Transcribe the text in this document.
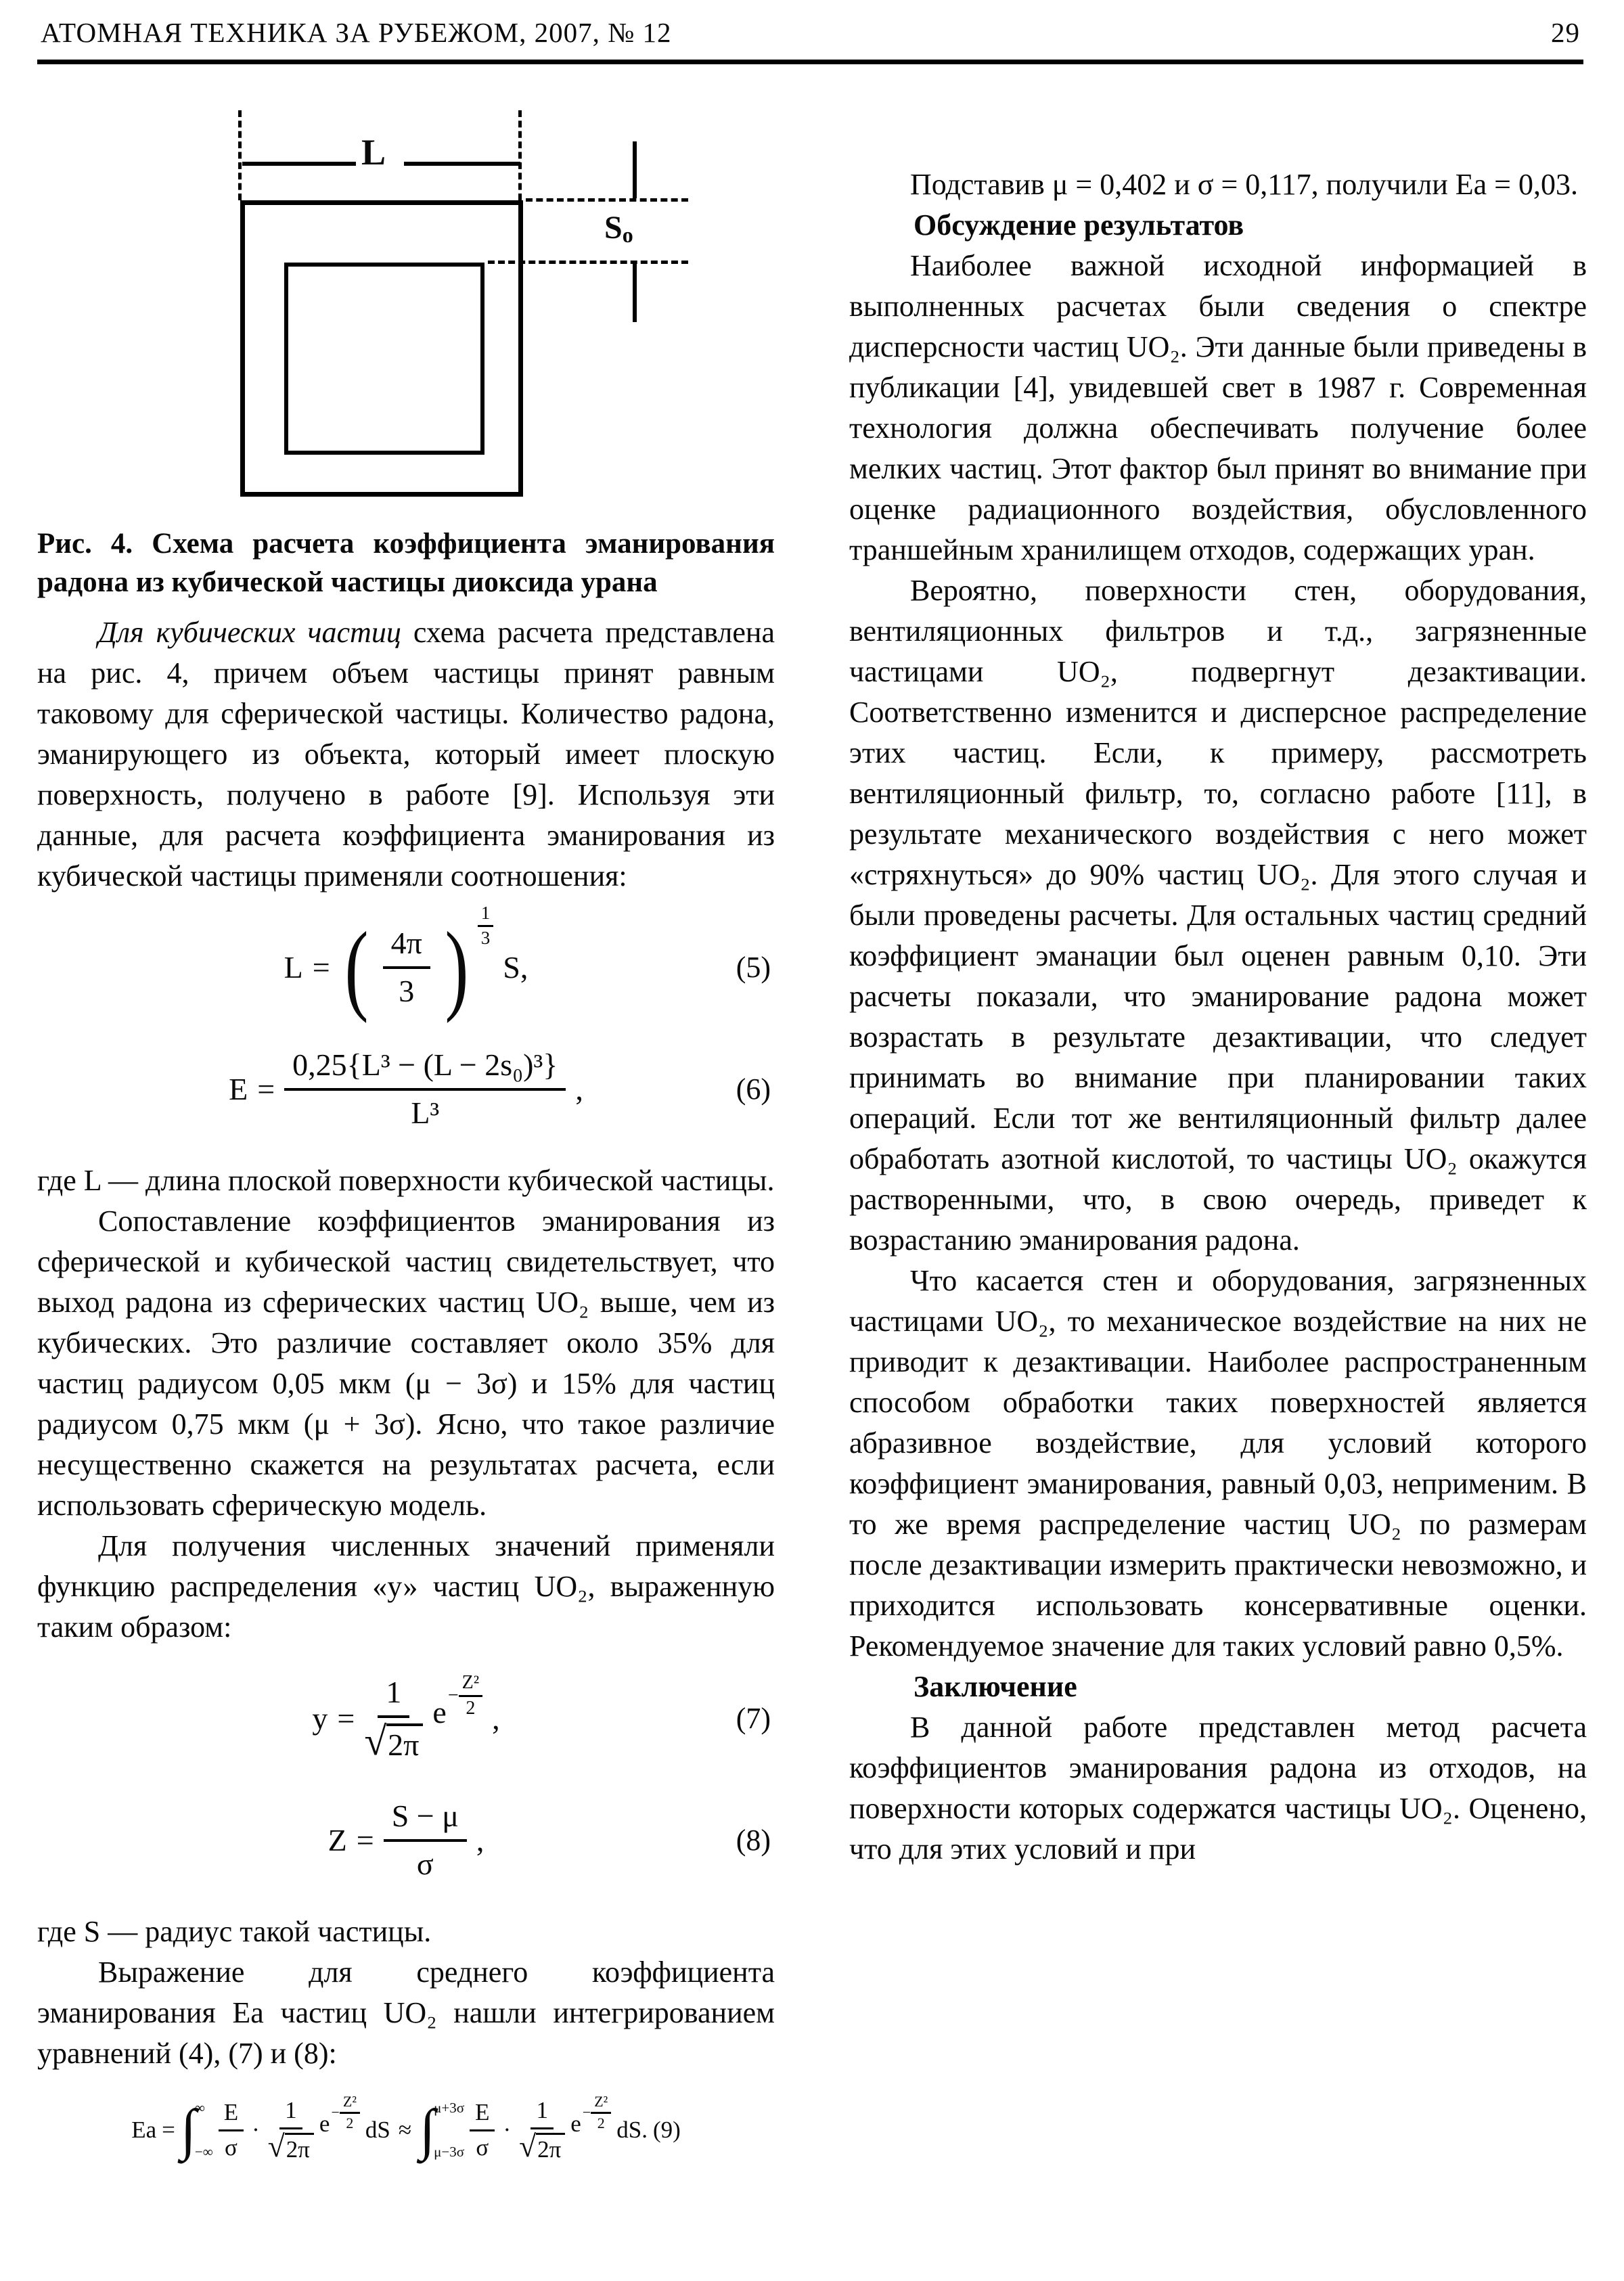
АТОМНАЯ ТЕХНИКА ЗА РУБЕЖОМ, 2007, № 12	29
L
So

Рис. 4. Схема расчета коэффициента эманирования радона из кубической частицы диоксида урана

Для кубических частиц схема расчета представлена на рис. 4, причем объем частицы принят равным таковому для сферической частицы. Количество радона, эманирующего из объекта, который имеет плоскую поверхность, получено в работе [9]. Используя эти данные, для расчета коэффициента эманирования из кубической частицы применяли соотношения:

L = ( $\frac{4\pi}{3}$ ) 1
3
S,	(5)
$E = \frac{\text{0,25\{L³ − (L − 2s₀)³\}}}{\text{L³}}$ ,	(6)

где L — длина плоской поверхности кубической частицы.

Сопоставление коэффициентов эманирования из сферической и кубической частиц свидетельствует, что выход радона из сферических частиц UO₂ выше, чем из кубических. Это различие составляет около 35% для частиц радиусом 0,05 мкм (μ − 3σ) и 15% для частиц радиусом 0,75 мкм (μ + 3σ). Ясно, что такое различие несущественно скажется на результатах расчета, если использовать сферическую модель.

Для получения численных значений применяли функцию распределения «у» частиц UO₂, выраженную таким образом:

$y = \frac{1}{√ 2\pi}$ $e - \frac{\text{Z²}}{2}$ ,	(7)
$Z = \frac{S - \mu}{\sigma}$ ,	(8)

где S — радиус такой частицы.

Выражение для среднего коэффициента эманирования Ea частиц UO₂ нашли интегрированием уравнений (4), (7) и (8):

Ea = ∫
∞
−∞ $\frac{E}{\sigma} \cdot \frac{1}{√ 2\pi}$ $e - \frac{\text{Z²}}{2}$ dS ≈ ∫
μ+3σ
$\mu-3\sigma \frac{E}{\sigma} \cdot \frac{1}{√ 2\pi}$ $e - \frac{\text{Z²}}{2}$ dS. (9)

Подставив μ = 0,402 и σ = 0,117, получили Ea = 0,03.

Обсуждение результатов

Наиболее важной исходной информацией в выполненных расчетах были сведения о спектре дисперсности частиц UO₂. Эти данные были приведены в публикации [4], увидевшей свет в 1987 г. Современная технология должна обеспечивать получение более мелких частиц. Этот фактор был принят во внимание при оценке радиационного воздействия, обусловленного траншейным хранилищем отходов, содержащих уран.

Вероятно, поверхности стен, оборудования, вентиляционных фильтров и т.д., загрязненные частицами UO₂, подвергнут дезактивации. Соответственно изменится и дисперсное распределение этих частиц. Если, к примеру, рассмотреть вентиляционный фильтр, то, согласно работе [11], в результате механического воздействия с него может «стряхнуться» до 90% частиц UO₂. Для этого случая и были проведены расчеты. Для остальных частиц средний коэффициент эманации был оценен равным 0,10. Эти расчеты показали, что эманирование радона может возрастать в результате дезактивации, что следует принимать во внимание при планировании таких операций. Если тот же вентиляционный фильтр далее обработать азотной кислотой, то частицы UO₂ окажутся растворенными, что, в свою очередь, приведет к возрастанию эманирования радона.

Что касается стен и оборудования, загрязненных частицами UO₂, то механическое воздействие на них не приводит к дезактивации. Наиболее распространенным способом обработки таких поверхностей является абразивное воздействие, для условий которого коэффициент эманирования, равный 0,03, неприменим. В то же время распределение частиц UO₂ по размерам после дезактивации измерить практически невозможно, и приходится использовать консервативные оценки. Рекомендуемое значение для таких условий равно 0,5%.

Заключение

В данной работе представлен метод расчета коэффициентов эманирования радона из отходов, на поверхности которых содержатся частицы UO₂. Оценено, что для этих условий и при
